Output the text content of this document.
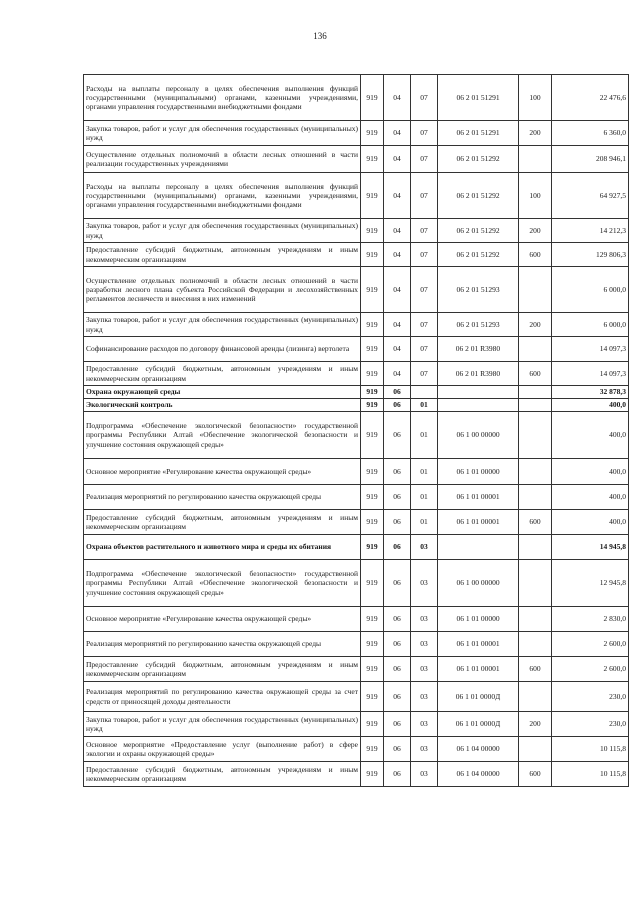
136
Расходы на выплаты персоналу в целях обеспечения выполнения функций государственными (муниципальными) органами, казенными учреждениями, органами управления государственными внебюджетными фондами	919	04	07	06 2 01 51291	100	22 476,6
Закупка товаров, работ и услуг для обеспечения государственных (муниципальных) нужд	919	04	07	06 2 01 51291	200	6 360,0
Осуществление отдельных полномочий в области лесных отношений в части реализации государственных учреждениями	919	04	07	06 2 01 51292		208 946,1
Расходы на выплаты персоналу в целях обеспечения выполнения функций государственными (муниципальными) органами, казенными учреждениями, органами управления государственными внебюджетными фондами	919	04	07	06 2 01 51292	100	64 927,5
Закупка товаров, работ и услуг для обеспечения государственных (муниципальных) нужд	919	04	07	06 2 01 51292	200	14 212,3
Предоставление субсидий бюджетным, автономным учреждениям и иным некоммерческим организациям	919	04	07	06 2 01 51292	600	129 806,3
Осуществление отдельных полномочий в области лесных отношений в части разработки лесного плана субъекта Российской Федерации и лесохозяйственных регламентов лесничеств и внесения в них изменений	919	04	07	06 2 01 51293		6 000,0
Закупка товаров, работ и услуг для обеспечения государственных (муниципальных) нужд	919	04	07	06 2 01 51293	200	6 000,0
Софинансирование расходов по договору финансовой аренды (лизинга) вертолета	919	04	07	06 2 01 R3980		14 097,3
Предоставление субсидий бюджетным, автономным учреждениям и иным некоммерческим организациям	919	04	07	06 2 01 R3980	600	14 097,3
Охрана окружающей среды	919	06				32 878,3
Экологический контроль	919	06	01			400,0
Подпрограмма «Обеспечение экологической безопасности» государственной программы Республики Алтай «Обеспечение экологической безопасности и улучшение состояния окружающей среды»	919	06	01	06 1 00 00000		400,0
Основное мероприятие «Регулирование качества окружающей среды»	919	06	01	06 1 01 00000		400,0
Реализация мероприятий по регулированию качества окружающей среды	919	06	01	06 1 01 00001		400,0
Предоставление субсидий бюджетным, автономным учреждениям и иным некоммерческим организациям	919	06	01	06 1 01 00001	600	400,0
Охрана объектов растительного и животного мира и среды их обитания	919	06	03			14 945,8
Подпрограмма «Обеспечение экологической безопасности» государственной программы Республики Алтай «Обеспечение экологической безопасности и улучшение состояния окружающей среды»	919	06	03	06 1 00 00000		12 945,8
Основное мероприятие «Регулирование качества окружающей среды»	919	06	03	06 1 01 00000		2 830,0
Реализация мероприятий по регулированию качества окружающей среды	919	06	03	06 1 01 00001		2 600,0
Предоставление субсидий бюджетным, автономным учреждениям и иным некоммерческим организациям	919	06	03	06 1 01 00001	600	2 600,0
Реализация мероприятий по регулированию качества окружающей среды за счет средств от приносящей доходы деятельности	919	06	03	06 1 01 0000Д		230,0
Закупка товаров, работ и услуг для обеспечения государственных (муниципальных) нужд	919	06	03	06 1 01 0000Д	200	230,0
Основное мероприятие «Предоставление услуг (выполнение работ) в сфере экологии и охраны окружающей среды»	919	06	03	06 1 04 00000		10 115,8
Предоставление субсидий бюджетным, автономным учреждениям и иным некоммерческим организациям	919	06	03	06 1 04 00000	600	10 115,8
